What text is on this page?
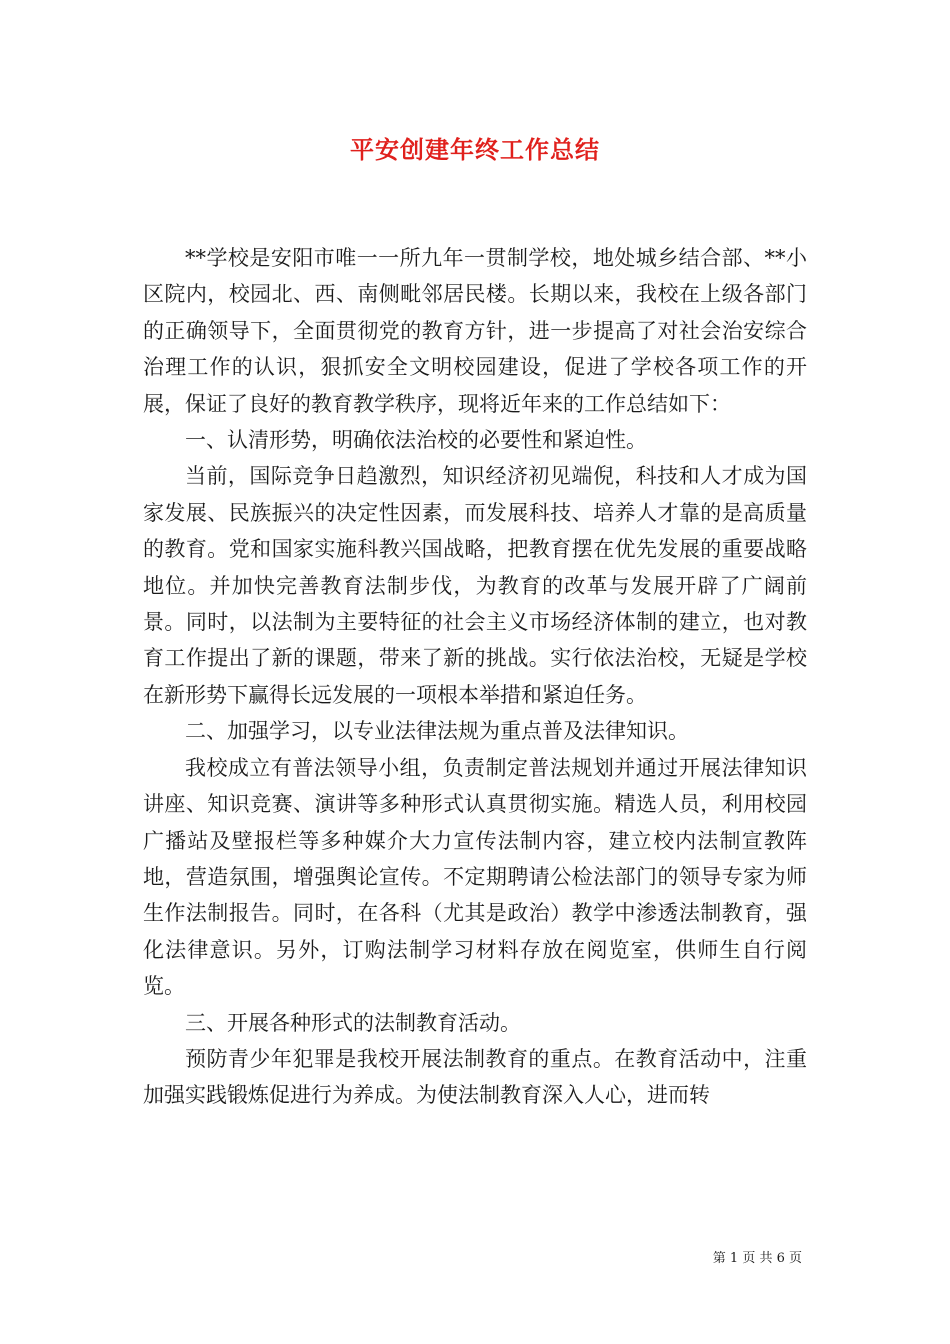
平安创建年终工作总结

**学校是安阳市唯一一所九年一贯制学校，地处城乡结合部、**小区院内，校园北、西、南侧毗邻居民楼。长期以来，我校在上级各部门的正确领导下，全面贯彻党的教育方针，进一步提高了对社会治安综合治理工作的认识，狠抓安全文明校园建设，促进了学校各项工作的开展，保证了良好的教育教学秩序，现将近年来的工作总结如下：

一、认清形势，明确依法治校的必要性和紧迫性。

当前，国际竞争日趋激烈，知识经济初见端倪，科技和人才成为国家发展、民族振兴的决定性因素，而发展科技、培养人才靠的是高质量的教育。党和国家实施科教兴国战略，把教育摆在优先发展的重要战略地位。并加快完善教育法制步伐，为教育的改革与发展开辟了广阔前景。同时，以法制为主要特征的社会主义市场经济体制的建立，也对教育工作提出了新的课题，带来了新的挑战。实行依法治校，无疑是学校在新形势下赢得长远发展的一项根本举措和紧迫任务。

二、加强学习，以专业法律法规为重点普及法律知识。

我校成立有普法领导小组，负责制定普法规划并通过开展法律知识讲座、知识竞赛、演讲等多种形式认真贯彻实施。精选人员，利用校园广播站及壁报栏等多种媒介大力宣传法制内容，建立校内法制宣教阵地，营造氛围，增强舆论宣传。不定期聘请公检法部门的领导专家为师生作法制报告。同时，在各科（尤其是政治）教学中渗透法制教育，强化法律意识。另外，订购法制学习材料存放在阅览室，供师生自行阅览。

三、开展各种形式的法制教育活动。

预防青少年犯罪是我校开展法制教育的重点。在教育活动中，注重加强实践锻炼促进行为养成。为使法制教育深入人心，进而转

第 1 页 共 6 页
